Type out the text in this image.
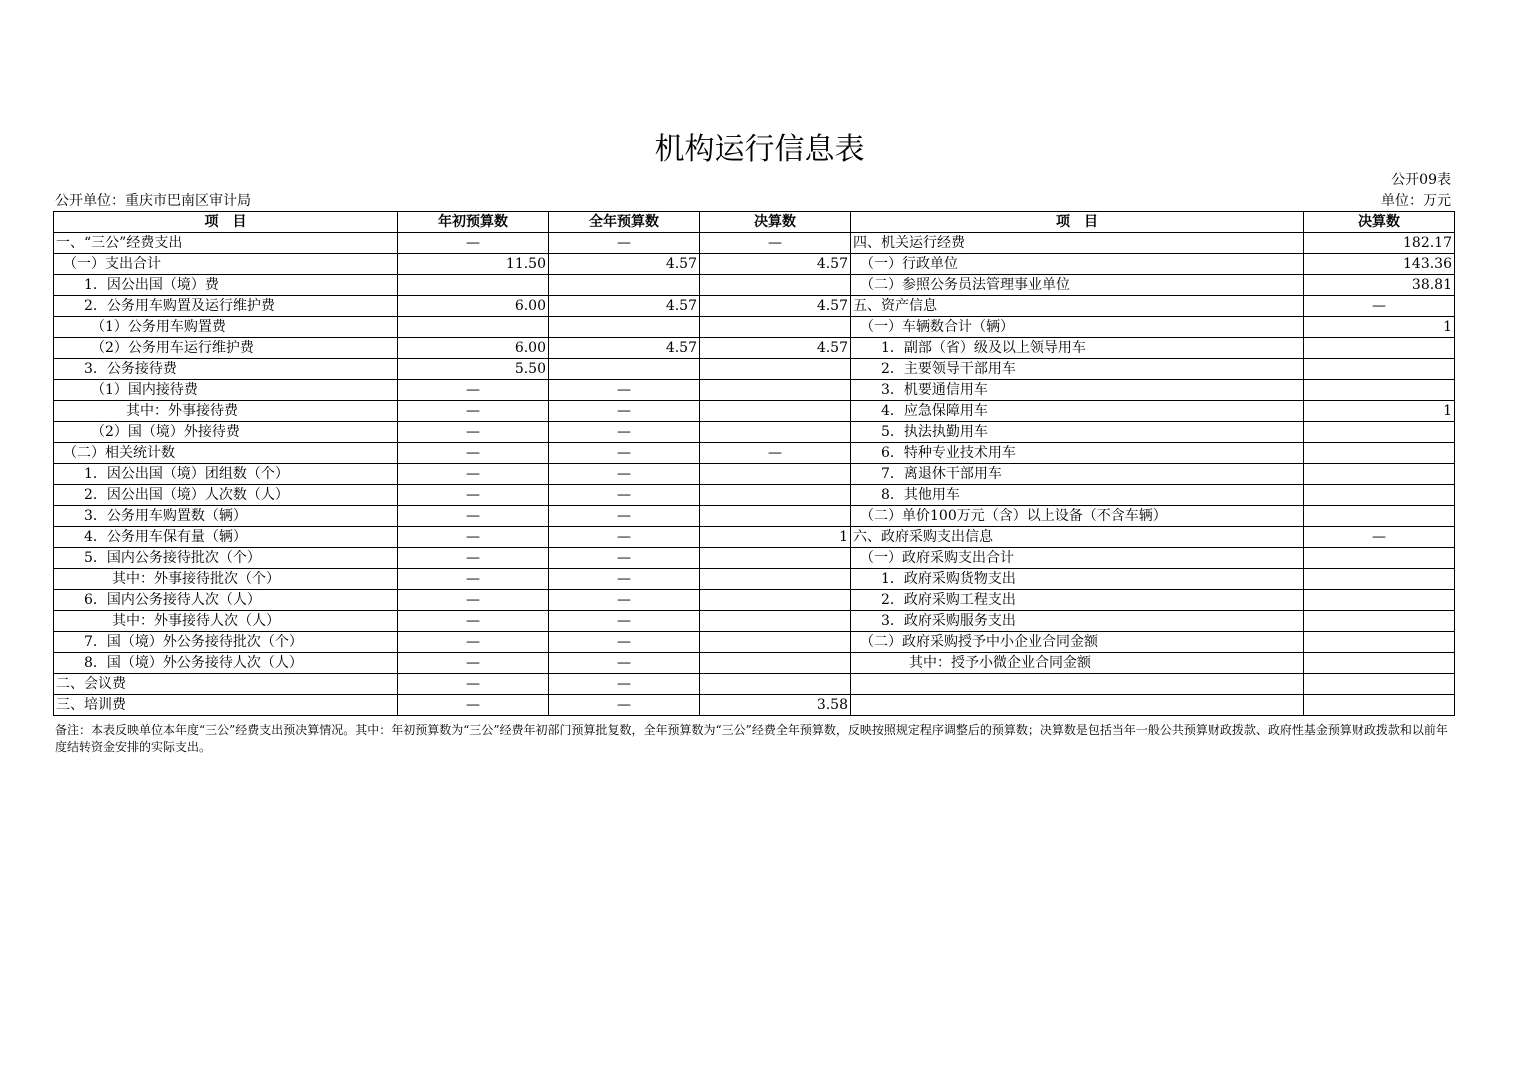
机构运行信息表
公开09表
公开单位：重庆市巴南区审计局	单位：万元
项　目	年初预算数	全年预算数	决算数	项　目	决算数
一、“三公”经费支出	—	—	—	四、机关运行经费	182.17
　（一）支出合计	11.50	4.57	4.57	　（一）行政单位	143.36
　　1．因公出国（境）费				　（二）参照公务员法管理事业单位	38.81
　　2．公务用车购置及运行维护费	6.00	4.57	4.57	五、资产信息	—
　　　（1）公务用车购置费				　（一）车辆数合计（辆）	1
　　　（2）公务用车运行维护费	6.00	4.57	4.57	　　1．副部（省）级及以上领导用车	
　　3．公务接待费	5.50			　　2．主要领导干部用车	
　　　（1）国内接待费	—	—		　　3．机要通信用车	
　　　　　其中：外事接待费	—	—		　　4．应急保障用车	1
　　　（2）国（境）外接待费	—	—		　　5．执法执勤用车	
　（二）相关统计数	—	—	—	　　6．特种专业技术用车	
　　1．因公出国（境）团组数（个）	—	—		　　7．离退休干部用车	
　　2．因公出国（境）人次数（人）	—	—		　　8．其他用车	
　　3．公务用车购置数（辆）	—	—		　（二）单价100万元（含）以上设备（不含车辆）	
　　4．公务用车保有量（辆）	—	—	1	六、政府采购支出信息	—
　　5．国内公务接待批次（个）	—	—		　（一）政府采购支出合计	
　　　　其中：外事接待批次（个）	—	—		　　1．政府采购货物支出	
　　6．国内公务接待人次（人）	—	—		　　2．政府采购工程支出	
　　　　其中：外事接待人次（人）	—	—		　　3．政府采购服务支出	
　　7．国（境）外公务接待批次（个）	—	—		　（二）政府采购授予中小企业合同金额	
　　8．国（境）外公务接待人次（人）	—	—		　　　　其中：授予小微企业合同金额	
二、会议费	—	—			
三、培训费	—	—	3.58		
备注：本表反映单位本年度“三公”经费支出预决算情况。其中：年初预算数为“三公”经费年初部门预算批复数，全年预算数为“三公”经费全年预算数，反映按照规定程序调整后的预算数；决算数是包括当年一般公共预算财政拨款、政府性基金预算财政拨款和以前年度结转资金安排的实际支出。
